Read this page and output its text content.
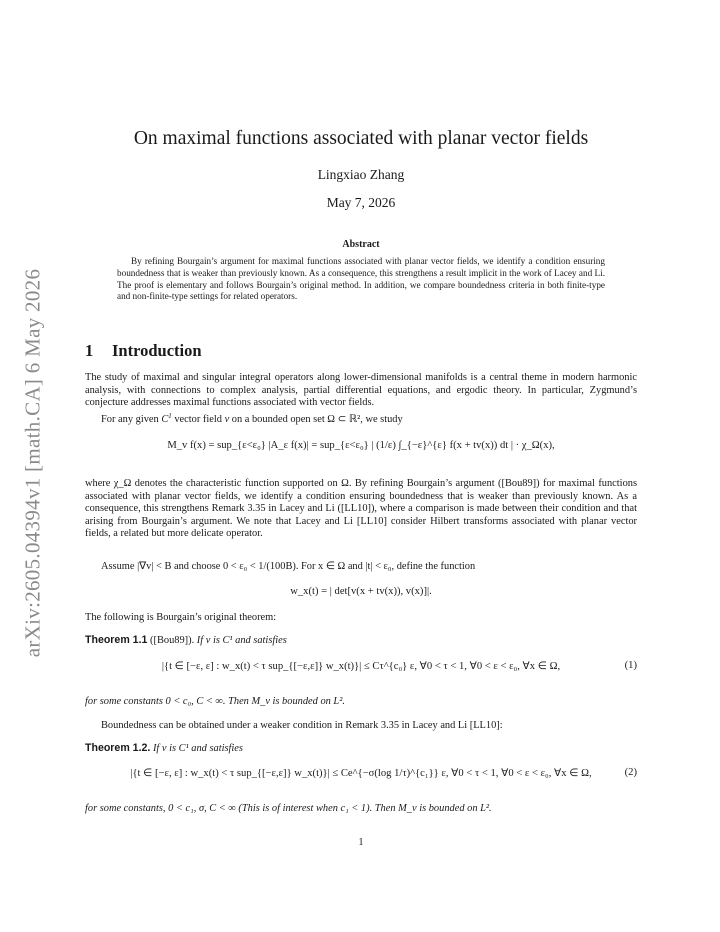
arXiv:2605.04394v1 [math.CA] 6 May 2026
On maximal functions associated with planar vector fields
Lingxiao Zhang
May 7, 2026
Abstract
By refining Bourgain’s argument for maximal functions associated with planar vector fields, we identify a condition ensuring boundedness that is weaker than previously known. As a consequence, this strengthens a result implicit in the work of Lacey and Li. The proof is elementary and follows Bourgain’s original method. In addition, we compare boundedness criteria in both finite-type and non-finite-type settings for related operators.
1 Introduction
The study of maximal and singular integral operators along lower-dimensional manifolds is a central theme in modern harmonic analysis, with connections to complex analysis, partial differential equations, and ergodic theory. In particular, Zygmund’s conjecture addresses maximal functions associated with vector fields.
For any given $C^1$ vector field v on a bounded open set Ω ⊂ ℝ², we study
M_v f(x) = sup_{ε<ε₀} |A_ε f(x)| = sup_{ε<ε₀} | (1/ε) ∫_{−ε}^{ε} f(x + tv(x)) dt | · χ_Ω(x),
where χ_Ω denotes the characteristic function supported on Ω. By refining Bourgain’s argument ([Bou89]) for maximal functions associated with planar vector fields, we identify a condition ensuring boundedness that is weaker than previously known. As a consequence, this strengthens Remark 3.35 in Lacey and Li ([LL10]), where a comparison is made between their condition and that arising from Bourgain’s argument. We note that Lacey and Li [LL10] consider Hilbert transforms associated with planar vector fields, a related but more delicate operator.
Assume |∇v| < B and choose 0 < ε₀ < 1/(100B). For x ∈ Ω and |t| < ε₀, define the function
w_x(t) = | det[v(x + tv(x)), v(x)]|.
The following is Bourgain’s original theorem:
Theorem 1.1 ([Bou89]). If v is C¹ and satisfies
|{t ∈ [−ε, ε] : w_x(t) < τ sup_{[−ε,ε]} w_x(t)}| ≤ Cτ^{c₀} ε, ∀0 < τ < 1, ∀0 < ε < ε₀, ∀x ∈ Ω,	(1)
for some constants 0 < c₀, C < ∞. Then M_v is bounded on L².
Boundedness can be obtained under a weaker condition in Remark 3.35 in Lacey and Li [LL10]:
Theorem 1.2. If v is C¹ and satisfies
|{t ∈ [−ε, ε] : w_x(t) < τ sup_{[−ε,ε]} w_x(t)}| ≤ Ce^{−σ(log 1/τ)^{c₁}} ε, ∀0 < τ < 1, ∀0 < ε < ε₀, ∀x ∈ Ω,	(2)
for some constants, 0 < c₁, σ, C < ∞ (This is of interest when c₁ < 1). Then M_v is bounded on L².
1
